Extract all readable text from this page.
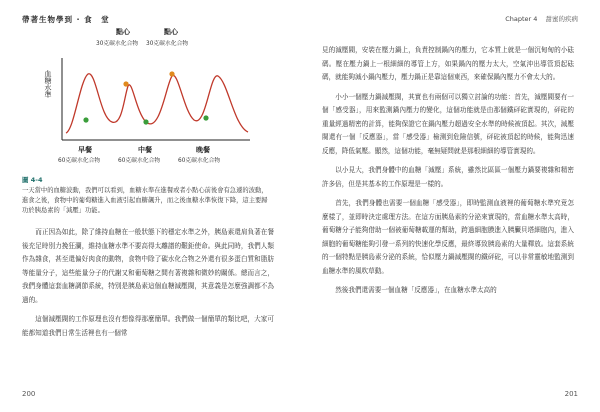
帶著生物學到 · 食　堂
血糖水準
點心
30克碳水化合物
點心
30克碳水化合物
早餐
60克碳水化合物
中餐
60克碳水化合物
晚餐
60克碳水化合物
圖 4-4
一天當中的血糖波動，我們可以看到，血糖水準在進餐或者小點心前後會有急遽的波動，進食之後，食物中的葡萄糖進入血液引起血糖飆升，而之後血糖水準恢復下降，這主要歸功於胰島素的「減壓」功能。

而正因為如此，除了維持血糖在一般狀態下的穩定水準之外，胰島素還肩負著在餐後充足時別力挽狂瀾，維持血糖水準不要高得太離譜的艱鉅使命。與此同時，我們人類作為雜食，甚至還偏好肉食的動物，食物中除了碳水化合物之外還有很多蛋白質和脂肪等能量分子，這些能量分子的代謝又和葡萄糖之間有著複雜和微妙的關係。總而言之，我們身體這套血糖調節系統，特別是胰島素這個血糖減壓閥，其意義是怎麼強調都不為過的。

這個減壓閥的工作原理也沒有想像得那麼簡單。我們做一個簡單的類比吧，大家可能都知道我們日常生活裡也有一個常

200
Chapter 4 甜蜜的疾病

見的減壓閥，安裝在壓力鍋上，負責控制鍋內的壓力，它本質上就是一個沉甸甸的小砝碼。壓在壓力鍋上一根細細的導管上方，如果鍋內的壓力太大，空氣沖出導管頂起砝碼，就能夠減小鍋內壓力，壓力鍋正是靠這個東西，來確保鍋內壓力不會太大的。

小小一個壓力鍋減壓閥，其實也有兩個可以獨立討論的功能：首先，減壓閥要有一個「感受器」，用來監測鍋內壓力的變化，這個功能就是由那個鐵砰砣實現的，砰砣的重量經過精密的計算，能夠保證它在鍋內壓力超過安全水準的時候被頂起。其次，減壓閥還有一個「反應器」，當「感受器」檢測到危險信號，砰砣被頂起的時候，能夠迅速反應，降低氣壓。顯然，這個功能，毫無疑問就是那根細細的導管實現的。

以小見大，我們身體中的血糖「減壓」系統，雖然比區區一個壓力鍋要複雜和精密許多倍，但是其基本的工作原理是一樣的。

首先，我們身體也需要一個血糖「感受器」，即時監測血液裡的葡萄糖水準究竟怎麼樣了，並即時決定處理方法。在這方面胰島素的分泌來實現的，當血糖水準太高時，葡萄糖分子能夠借助一個被葡萄糖載運的幫助，跨過細胞膜進入胰臟貝塔細胞內，進入細胞的葡萄糖能夠引發一系列的快速化學反應，最終導致胰島素的大量釋放。這套系統的一個特點是胰島素分泌的系統，恰似壓力鍋減壓閥的鐵砰砣，可以非常靈敏地監測到血糖水準的風吹草動。

然後我們還需要一個血糖「反應器」，在血糖水準太高的

201
